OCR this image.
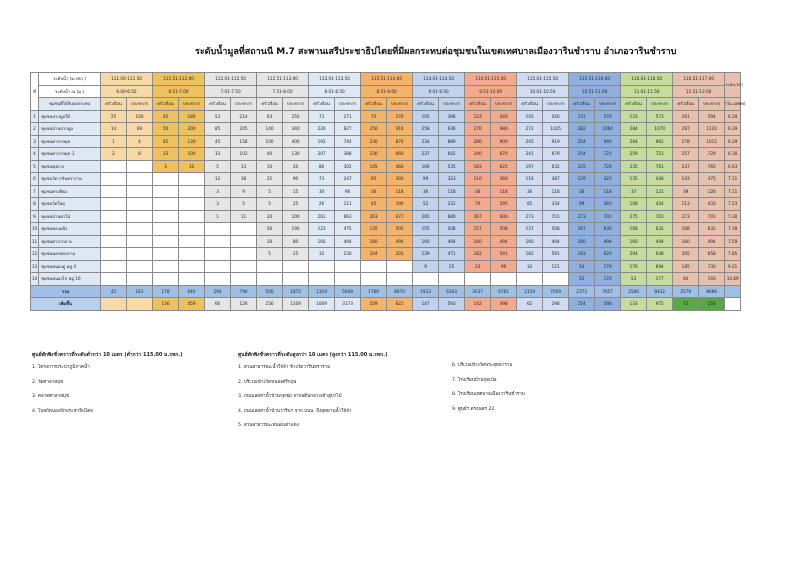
ระดับน้ำมูลที่สถานนี M.7 สะพานเสรีประชาธิปไตยที่มีผลกระทบต่อชุมชนในเขตเทศบาลเมืองวารินชำราบ อำเภอวารินชำราบ
ที่	ระดับน้ำ (ม.รทก.)	111.00-111.50		111.51-112.00		112.01-112.50		112.51-113.00		113.01-113.50		113.51-114.00		114.01-114.50		114.51-115.00		115.01-115.50		115.51-116.00		116.01-116.50		116.51-117.00		ระยะเวลา
	ระดับน้ำ ณ (ม.)	6.00-6.50		6.51-7.00		7.01-7.50		7.51-8.00		8.01-8.50		8.51-9.00		9.01-9.50		9.51-10.00		10.01-10.50		10.51-11.00		11.01-11.50		11.51-12.00		
	ชุมชนที่ได้รับผลกระทบ	ครัวเรือน	ประชากร	ครัวเรือน	ประชากร	ครัวเรือน	ประชากร	ครัวเรือน	ประชากร	ครัวเรือน	ประชากร	ครัวเรือน	ประชากร	ครัวเรือน	ประชากร	ครัวเรือน	ประชากร	ครัวเรือน	ประชากร	ครัวเรือน	ประชากร	ครัวเรือน	ประชากร	ครัวเรือน	ประชากร	(วัน อพยพ)
1	ชุมชนปากมูลใต้	25	100	45	180	53	214	63	250	73	271	75	270	105	396	123	440	145	540	131	570	133	573	161	594	6.29
2	ชุมชนบ้านปากมูล	14	69	50	200	85	205	140	340	226	827	250	910	258	936	270	980	272	1015	282	1064	284	1070	297	1120	6.29
3	ชุมชนศาลาสมุข	1	4	45	130	45	158	100	400	192	744	230	870	234	889	280	900	245	919	254	940	264	962	278	1012	6.29
4	ชุมชนศาลาสมุข 1	2	8	33	100	33	102	40	130	207	388	230	660	237	642	240	670	241	679	254	721	259	721	257	729	6.30
5	ชุมชนทุ่งธาง			3	10	5	13	10	20	86	302	145	460	166	535	183	625	197	632	225	726	235	761	237	765	6.63
6	ชุมชนวัดวารินทราราม					12	38	25	90	73	247	95	300	99	323	110	360	116	387	129	423	135	446	143	475	7.11
7	ชุมชนท่าเทียม					3	9	5	15	30	96	36	118	36	118	36	118	36	118	36	118	37	121	39	126	7.11
8	ชุมชนวัดใหม่					3	5	5	25	26	111	45	190	52	231	70	295	85	334	99	383	108	424	113	433	7.23
9	ชุมชนบ้านท่าไม้					1	11	20	100	261	663	263	677	265	680	267	690	273	701	273	701	275	701	273	701	7.30
10	ชุมชนทองแข็ง							50	190	123	475	135	500	155	508	157	508	137	508	167	630	168	632	168	632	7.39
11	ชุมชนศาลากลาง							30	80	160	494	160	494	160	494	160	494	160	494	160	494	160	494	160	494	7.59
12	ชุมชนนครทองกาม							5	25	32	230	104	201	139	471	182	591	182	591	193	620	204	648	205	658	7.85
13	ชุมชนหนองดู่ หมู่ 4													9	25	23	90	32	121	54	179	176	694	185	730	9.21
14	ชุมชนหนองไก่ หมู่ 16																			52	170	53	177	60	193	10.69
รวม		42	181	178	640	294	796	500	1875	1319	5049	1768	6870	1913	6363	2037	6761	2119	7059	2373	7657	2506	8432	2578	8686	
เพิ่มขึ้น				136	459	66	126	256	1109	1009	3173	259	622	147	593	142	498	62	298	254	598	133	975	72	254	
ศูนย์พักพิงชั่วคราวที่ระดับต่ำกว่า 10 เมตร (ต่ำกว่า 115.00 ม.รทก.)
1. โครงการประปาภูมิภาคน้ำ
2. วัดศาลาสมุข
3. ตลาดศาลาสมุข
4. โบสถ์หนองปักประชาธิปไตย
ศูนย์พักพิงชั่วคราวที่ระดับสูงกว่า 10 เมตร (สูงกว่า 115.00 ม.รทก.)
1. สวนสาธารณะน้ำใจ้จ้า ข้างวัดวารินทราราม
2. บริเวณข้างวัดหนองศรีกฤษ
3. ถนนเลยท่าน้ำบ้านกุดชุม จากอดินกลางเข้าสู่ป่าไม้
4. ถนนเลยท่าน้ำบ้านวารินฯ จาก ถนน. ถึงอุทยานน้ำใจ้จ้า
5. สวนสาธารณะหนองเต่าแดง
6. บริเวณข้างวัดพระสุทธาราม
7. โรงเรียนบ้านกุดเป๋อ
8. โรงเรียนเทศบาลเมืองวารินชำราบ
9. ศูนย์ฯ ตรงนคร 22
